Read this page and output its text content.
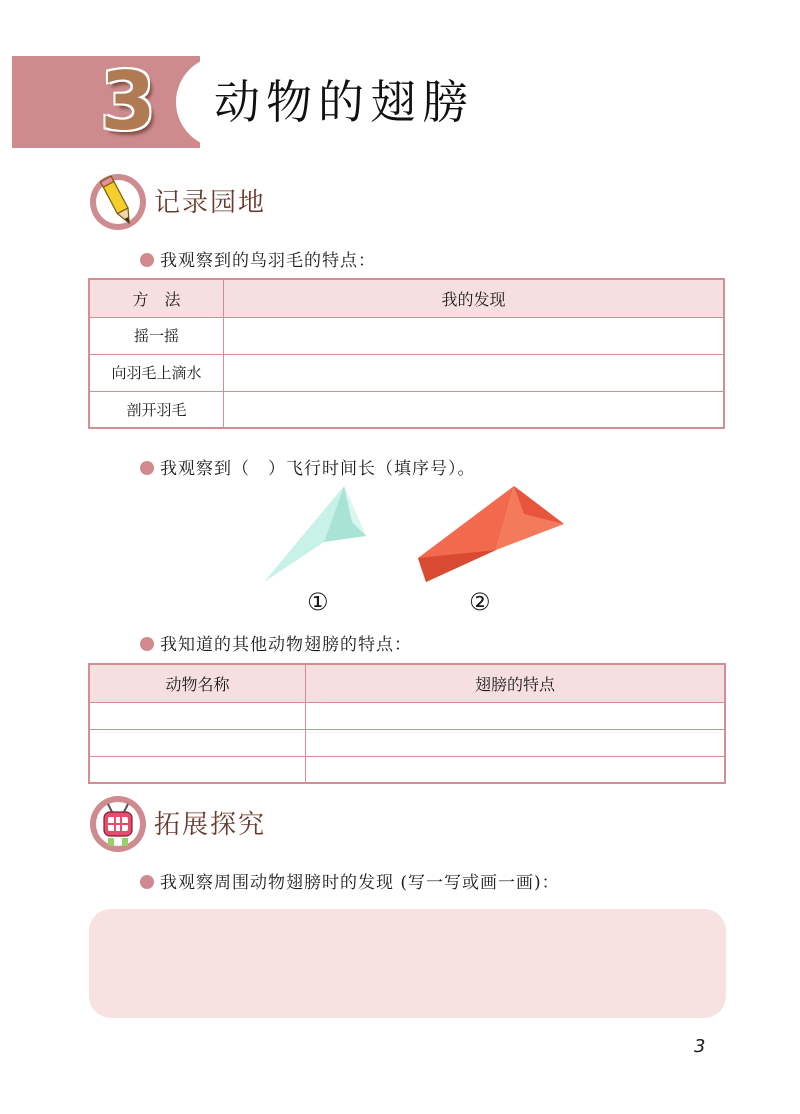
3 动物的翅膀
记录园地
我观察到的鸟羽毛的特点：
方　法	我的发现
摇一摇	
向羽毛上滴水	
剖开羽毛	
我观察到（　）飞行时间长（填序号）。
①	②
我知道的其他动物翅膀的特点：
动物名称	翅膀的特点

拓展探究
我观察周围动物翅膀时的发现 (写一写或画一画)：
3
